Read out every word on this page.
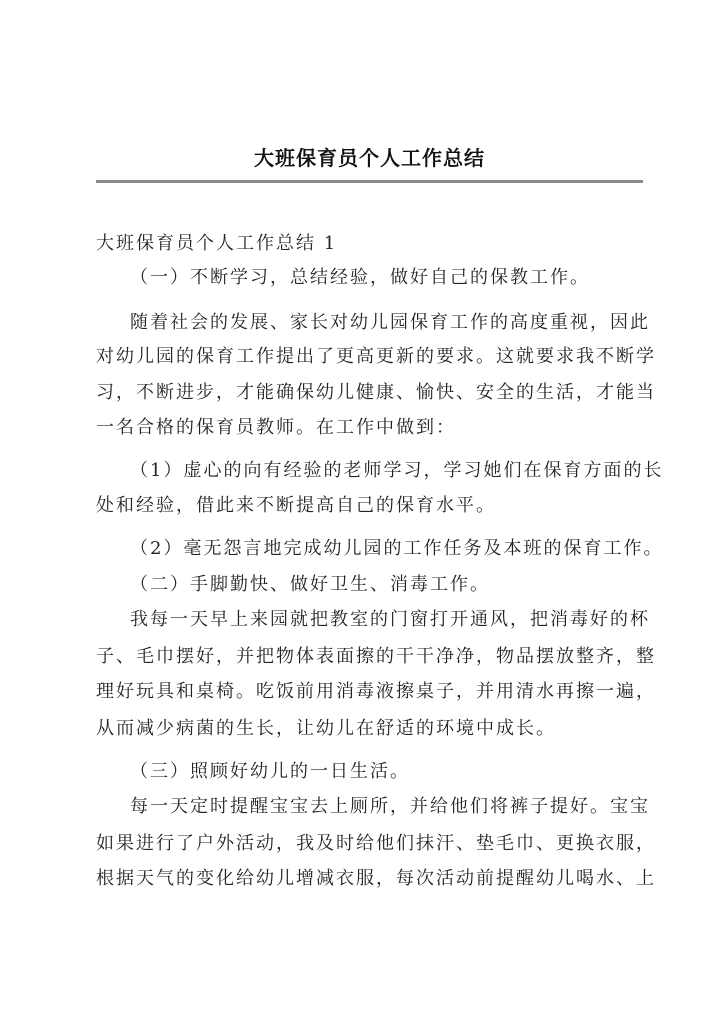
大班保育员个人工作总结
大班保育员个人工作总结 1
（一）不断学习，总结经验，做好自己的保教工作。
随着社会的发展、家长对幼儿园保育工作的高度重视，因此
对幼儿园的保育工作提出了更高更新的要求。这就要求我不断学
习，不断进步，才能确保幼儿健康、愉快、安全的生活，才能当
一名合格的保育员教师。在工作中做到：
（1）虚心的向有经验的老师学习，学习她们在保育方面的长
处和经验，借此来不断提高自己的保育水平。
（2）毫无怨言地完成幼儿园的工作任务及本班的保育工作。
（二）手脚勤快、做好卫生、消毒工作。
我每一天早上来园就把教室的门窗打开通风，把消毒好的杯
子、毛巾摆好，并把物体表面擦的干干净净，物品摆放整齐，整
理好玩具和桌椅。吃饭前用消毒液擦桌子，并用清水再擦一遍，
从而减少病菌的生长，让幼儿在舒适的环境中成长。
（三）照顾好幼儿的一日生活。
每一天定时提醒宝宝去上厕所，并给他们将裤子提好。宝宝
如果进行了户外活动，我及时给他们抹汗、垫毛巾、更换衣服，
根据天气的变化给幼儿增减衣服，每次活动前提醒幼儿喝水、上
